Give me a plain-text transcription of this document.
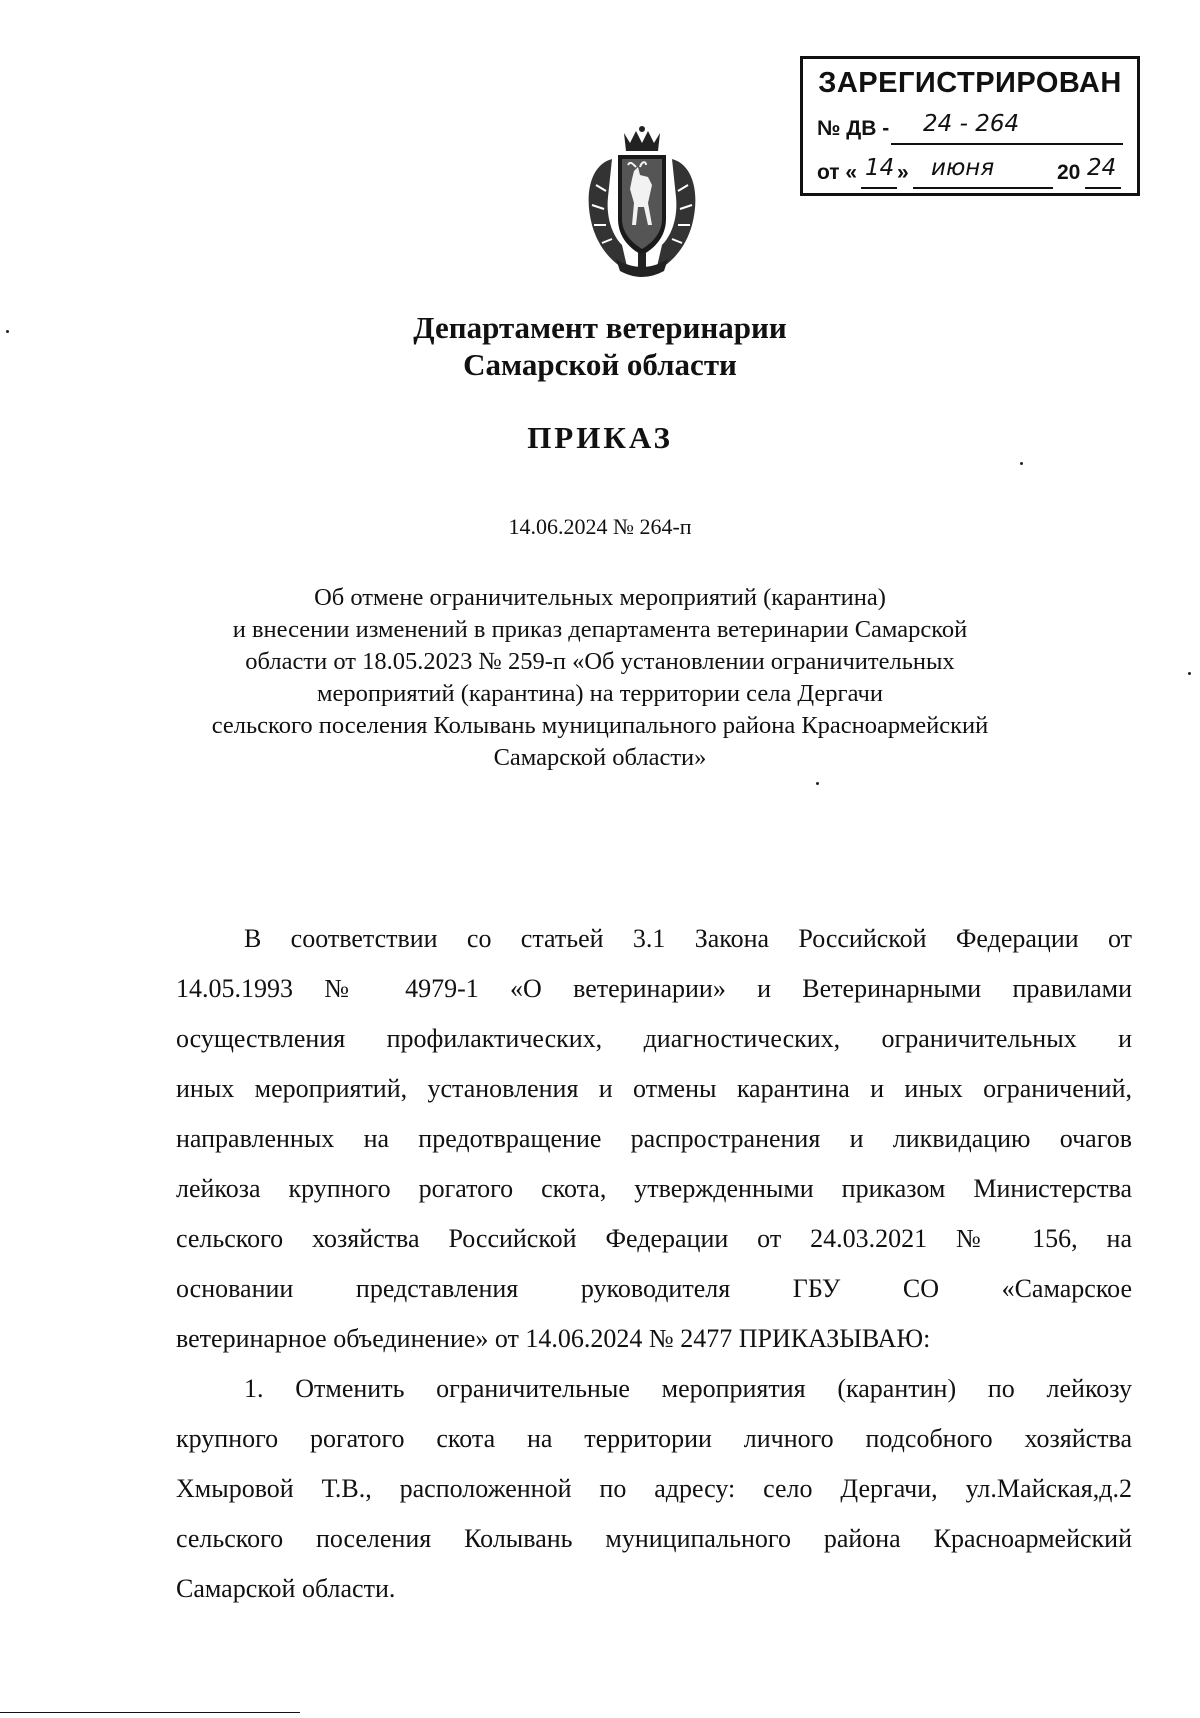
ЗАРЕГИСТРИРОВАН
№ ДВ - 24 - 264
от « 14 » июня	20 24
Департамент ветеринарии
Самарской области
ПРИКАЗ
14.06.2024 № 264-п
Об отмене ограничительных мероприятий (карантина)
и внесении изменений в приказ департамента ветеринарии Самарской
области от 18.05.2023 № 259-п «Об установлении ограничительных
мероприятий (карантина) на территории села Дергачи
сельского поселения Колывань муниципального района Красноармейский
Самарской области»
В соответствии со статьей 3.1 Закона Российской Федерации от
14.05.1993 № 4979-1 «О ветеринарии» и Ветеринарными правилами
осуществления профилактических, диагностических, ограничительных и
иных мероприятий, установления и отмены карантина и иных ограничений,
направленных на предотвращение распространения и ликвидацию очагов
лейкоза крупного рогатого скота, утвержденными приказом Министерства
сельского хозяйства Российской Федерации от 24.03.2021 № 156, на
основании представления руководителя ГБУ СО «Самарское
ветеринарное объединение» от 14.06.2024 № 2477 ПРИКАЗЫВАЮ:
1. Отменить ограничительные мероприятия (карантин) по лейкозу
крупного рогатого скота на территории личного подсобного хозяйства
Хмыровой Т.В., расположенной по адресу: село Дергачи, ул.Майская,д.2
сельского поселения Колывань муниципального района Красноармейский
Самарской области.
